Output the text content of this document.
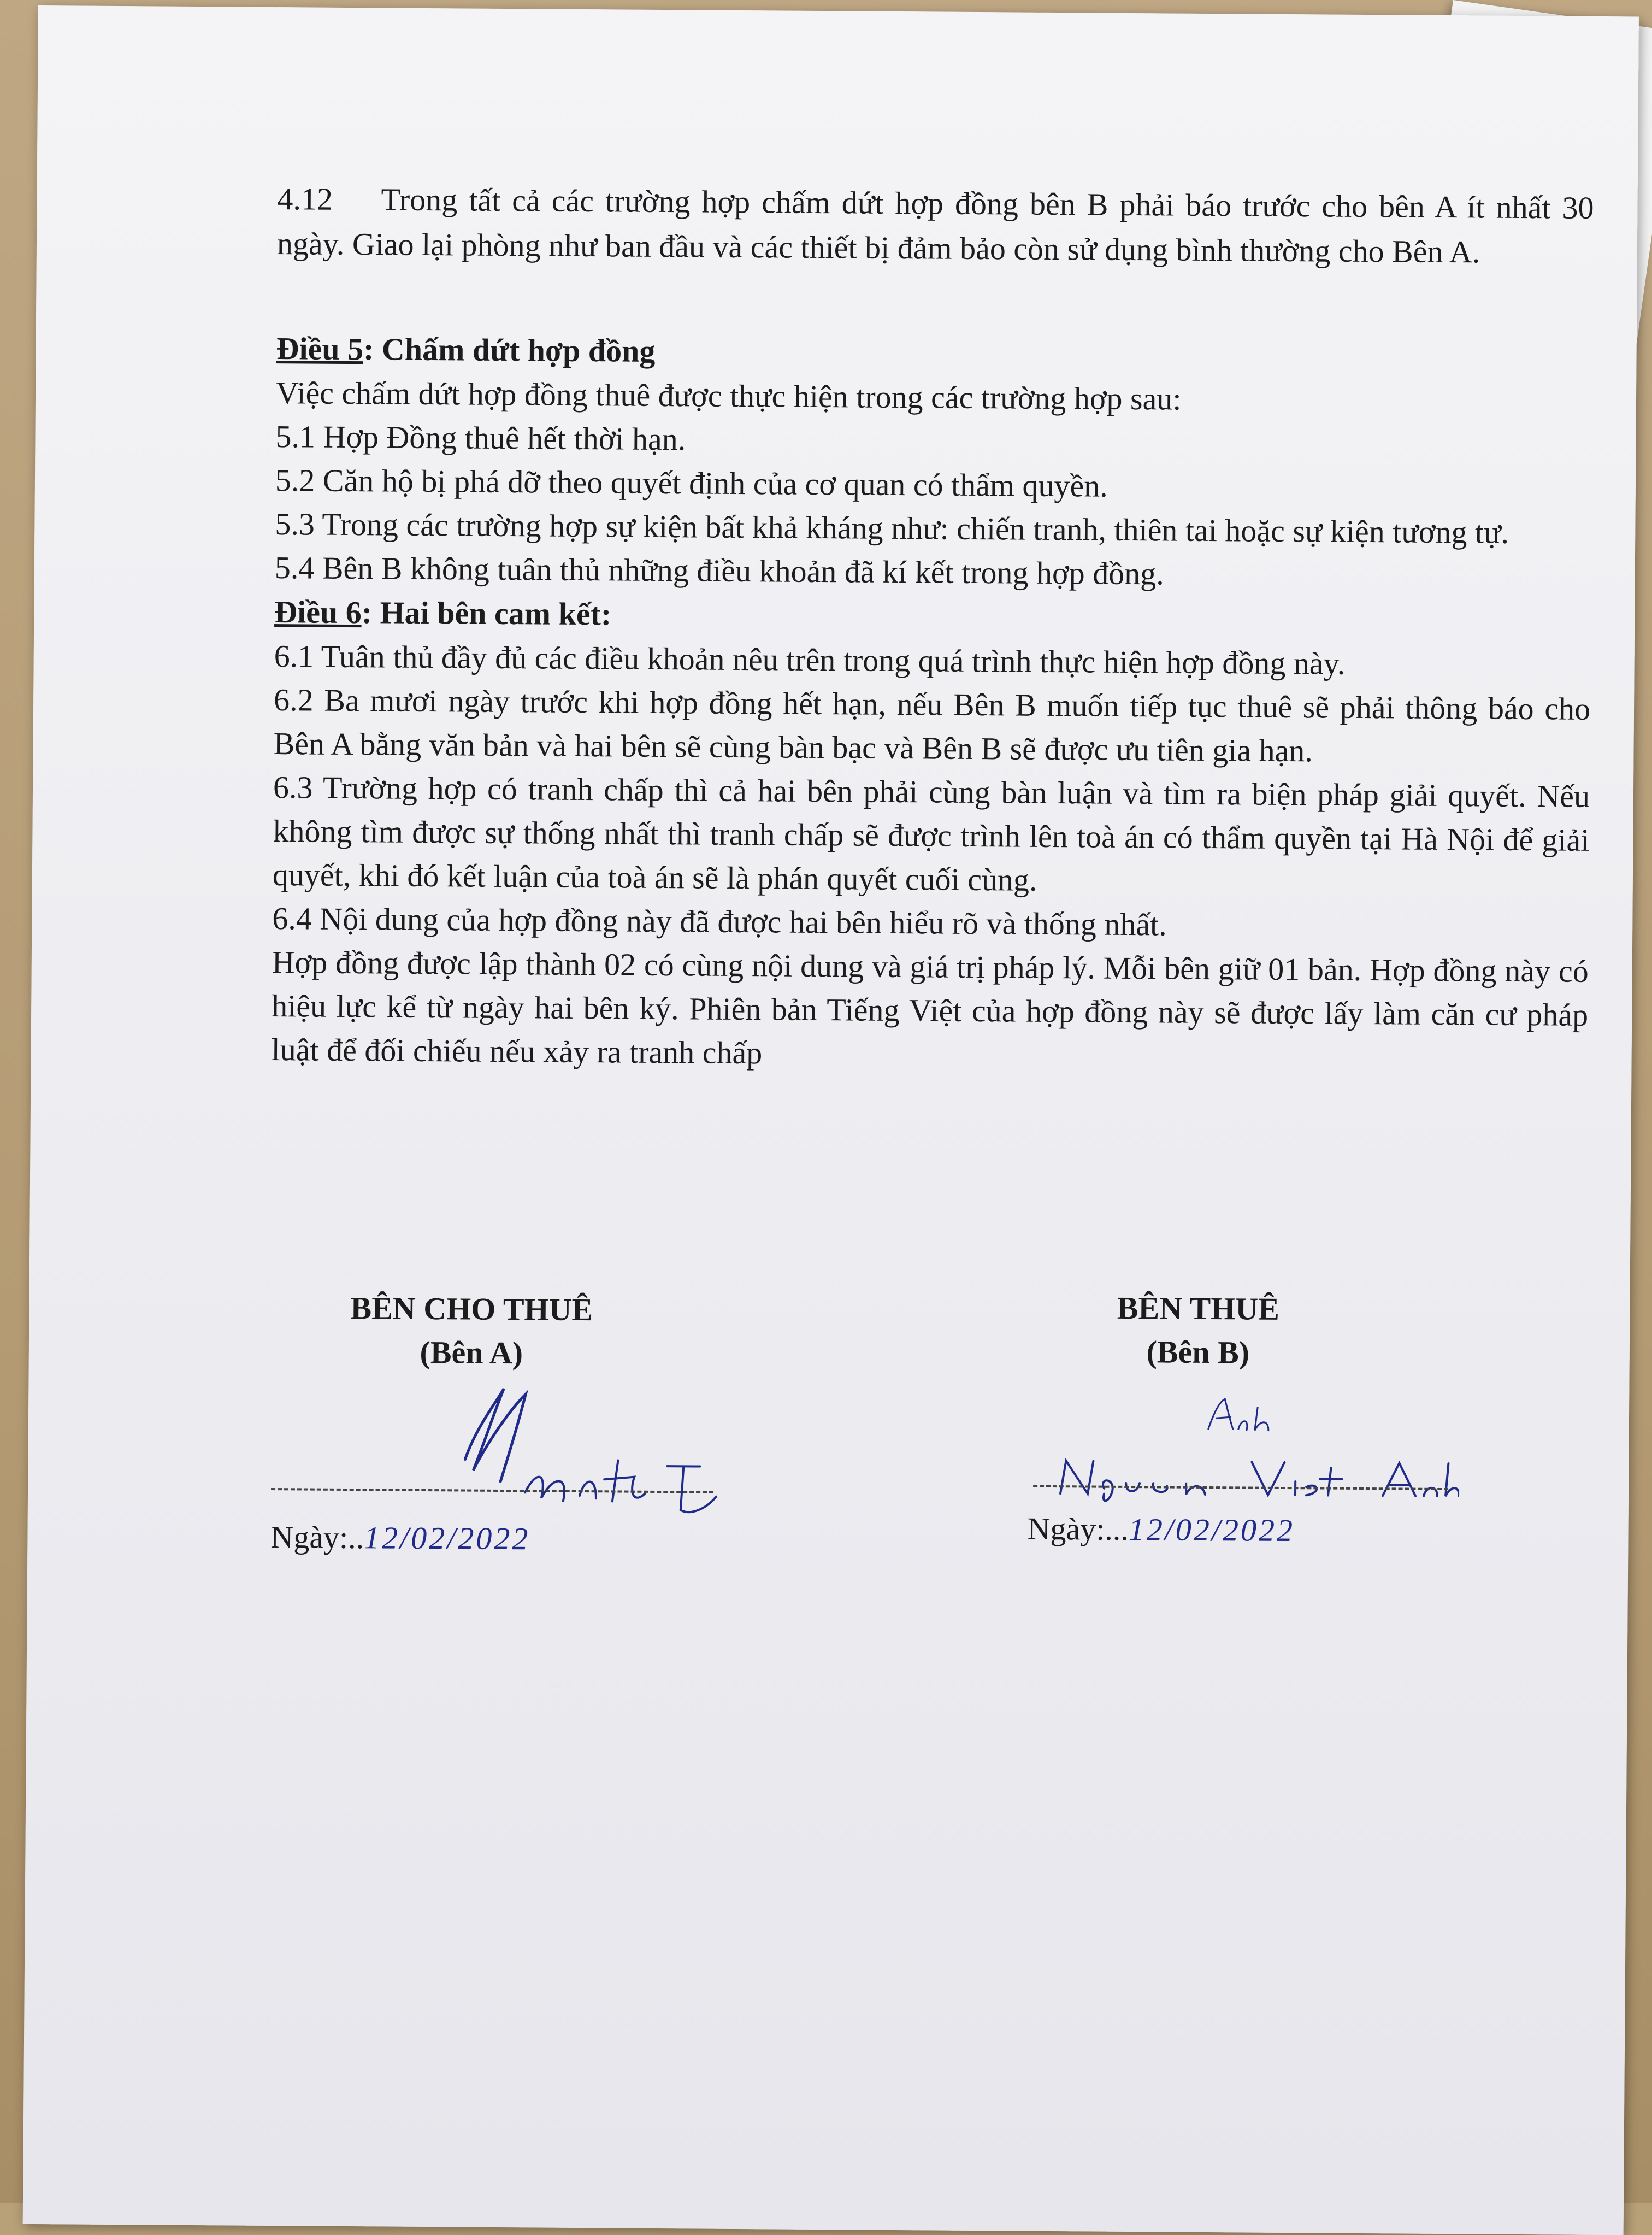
4.12 Trong tất cả các trường hợp chấm dứt hợp đồng bên B phải báo trước cho bên A ít nhất 30 ngày. Giao lại phòng như ban đầu và các thiết bị đảm bảo còn sử dụng bình thường cho Bên A.

Điều 5: Chấm dứt hợp đồng

Việc chấm dứt hợp đồng thuê được thực hiện trong các trường hợp sau:

5.1 Hợp Đồng thuê hết thời hạn.

5.2 Căn hộ bị phá dỡ theo quyết định của cơ quan có thẩm quyền.

5.3 Trong các trường hợp sự kiện bất khả kháng như: chiến tranh, thiên tai hoặc sự kiện tương tự.

5.4 Bên B không tuân thủ những điều khoản đã kí kết trong hợp đồng.

Điều 6: Hai bên cam kết:

6.1 Tuân thủ đầy đủ các điều khoản nêu trên trong quá trình thực hiện hợp đồng này.

6.2 Ba mươi ngày trước khi hợp đồng hết hạn, nếu Bên B muốn tiếp tục thuê sẽ phải thông báo cho Bên A bằng văn bản và hai bên sẽ cùng bàn bạc và Bên B sẽ được ưu tiên gia hạn.

6.3 Trường hợp có tranh chấp thì cả hai bên phải cùng bàn luận và tìm ra biện pháp giải quyết. Nếu không tìm được sự thống nhất thì tranh chấp sẽ được trình lên toà án có thẩm quyền tại Hà Nội để giải quyết, khi đó kết luận của toà án sẽ là phán quyết cuối cùng.

6.4 Nội dung của hợp đồng này đã được hai bên hiểu rõ và thống nhất.

Hợp đồng được lập thành 02 có cùng nội dung và giá trị pháp lý. Mỗi bên giữ 01 bản. Hợp đồng này có hiệu lực kể từ ngày hai bên ký. Phiên bản Tiếng Việt của hợp đồng này sẽ được lấy làm căn cư pháp luật để đối chiếu nếu xảy ra tranh chấp

BÊN CHO THUÊ
(Bên A)
Ngày:..12/02/2022
BÊN THUÊ
(Bên B)
Ngày:...12/02/2022
